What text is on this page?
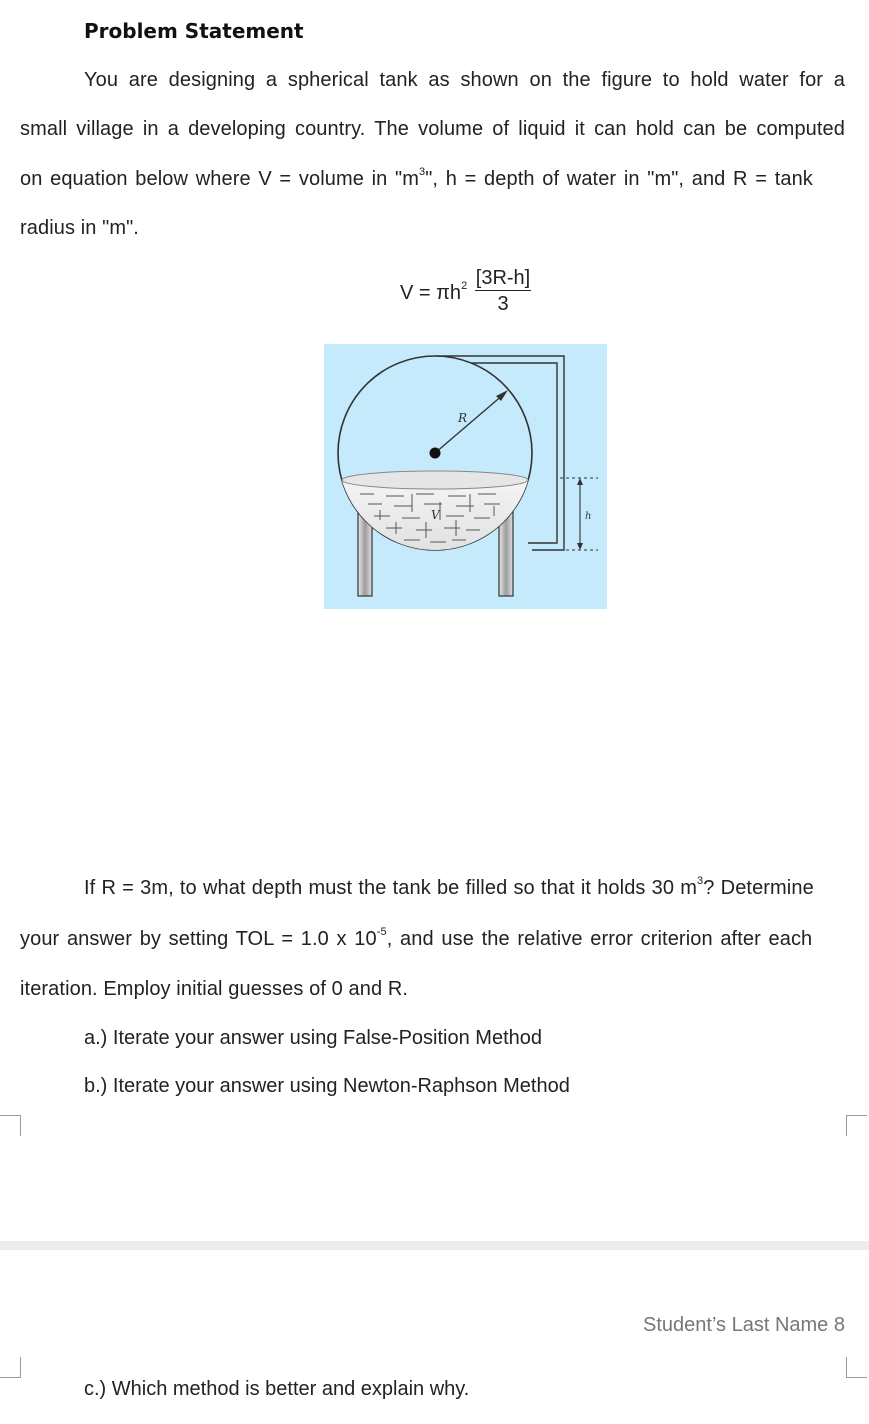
Problem Statement
You are designing a spherical tank as shown on the figure to hold water for a
small village in a developing country. The volume of liquid it can hold can be computed
on equation below where V = volume in "$m^3$", h = depth of water in "m", and R = tank
radius in "m".
$V = \pi h^2 \frac{[3R-h]}{3}$
R
V	h
If R = 3m, to what depth must the tank be filled so that it holds 30 $m^3$? Determine
your answer by setting TOL = 1.0 x $10^{-5}$, and use the relative error criterion after each
iteration. Employ initial guesses of 0 and R.
a.) Iterate your answer using False-Position Method
b.) Iterate your answer using Newton-Raphson Method
Student’s Last Name 8
c.) Which method is better and explain why.
